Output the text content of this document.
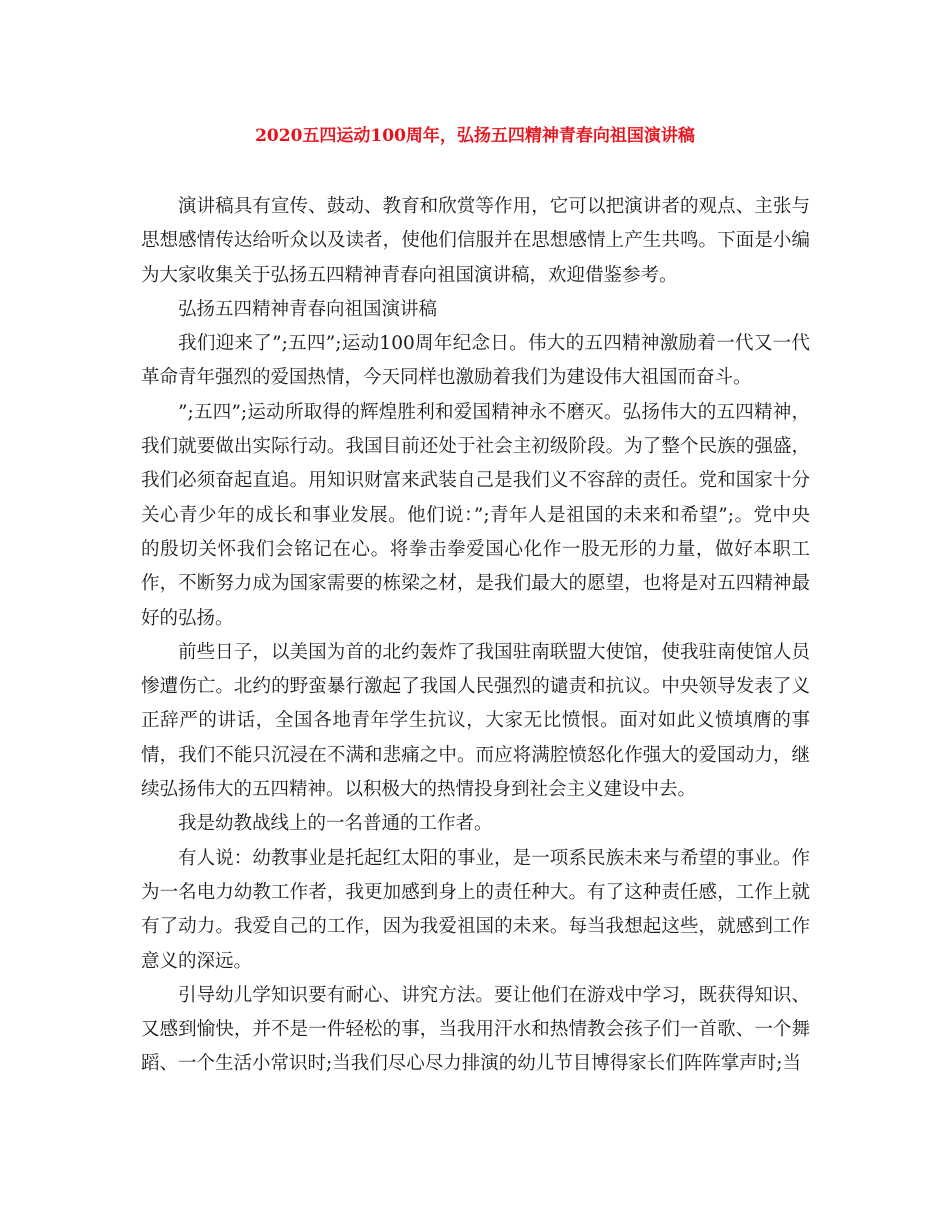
2020五四运动100周年，弘扬五四精神青春向祖国演讲稿

演讲稿具有宣传、鼓动、教育和欣赏等作用，它可以把演讲者的观点、主张与思想感情传达给听众以及读者，使他们信服并在思想感情上产生共鸣。下面是小编为大家收集关于弘扬五四精神青春向祖国演讲稿，欢迎借鉴参考。

弘扬五四精神青春向祖国演讲稿

我们迎来了”;五四”;运动100周年纪念日。伟大的五四精神激励着一代又一代革命青年强烈的爱国热情，今天同样也激励着我们为建设伟大祖国而奋斗。

”;五四”;运动所取得的辉煌胜利和爱国精神永不磨灭。弘扬伟大的五四精神，我们就要做出实际行动。我国目前还处于社会主初级阶段。为了整个民族的强盛，我们必须奋起直追。用知识财富来武装自己是我们义不容辞的责任。党和国家十分关心青少年的成长和事业发展。他们说：”;青年人是祖国的未来和希望”;。党中央的殷切关怀我们会铭记在心。将拳击拳爱国心化作一股无形的力量，做好本职工作，不断努力成为国家需要的栋梁之材，是我们最大的愿望，也将是对五四精神最好的弘扬。

前些日子，以美国为首的北约轰炸了我国驻南联盟大使馆，使我驻南使馆人员惨遭伤亡。北约的野蛮暴行激起了我国人民强烈的谴责和抗议。中央领导发表了义正辞严的讲话，全国各地青年学生抗议，大家无比愤恨。面对如此义愤填膺的事情，我们不能只沉浸在不满和悲痛之中。而应将满腔愤怒化作强大的爱国动力，继续弘扬伟大的五四精神。以积极大的热情投身到社会主义建设中去。

我是幼教战线上的一名普通的工作者。

有人说：幼教事业是托起红太阳的事业，是一项系民族未来与希望的事业。作为一名电力幼教工作者，我更加感到身上的责任种大。有了这种责任感，工作上就有了动力。我爱自己的工作，因为我爱祖国的未来。每当我想起这些，就感到工作意义的深远。

引导幼儿学知识要有耐心、讲究方法。要让他们在游戏中学习，既获得知识、又感到愉快，并不是一件轻松的事，当我用汗水和热情教会孩子们一首歌、一个舞蹈、一个生活小常识时;当我们尽心尽力排演的幼儿节目博得家长们阵阵掌声时;当
